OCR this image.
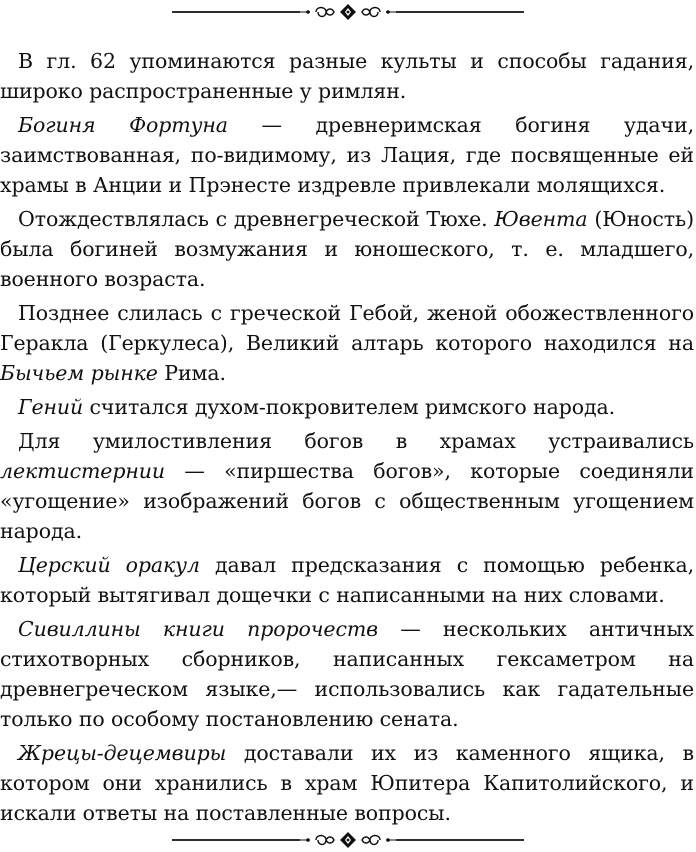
В гл. 62 упоминаются разные культы и способы гадания, широко распространенные у римлян.

Богиня Фортуна — древнеримская богиня удачи, заимствованная, по-видимому, из Лация, где посвященные ей храмы в Анции и Прэнесте издревле привлекали молящихся.

Отождествлялась с древнегреческой Тюхе. Ювента (Юность) была богиней возмужания и юношеского, т. е. младшего, военного возраста.

Позднее слилась с греческой Гебой, женой обожествленного Геракла (Геркулеса), Великий алтарь которого находился на Бычьем рынке Рима.

Гений считался духом-покровителем римского народа.

Для умилостивления богов в храмах устраивались лектистернии — «пиршества богов», которые соединяли «угощение» изображений богов с общественным угощением народа.

Церский оракул давал предсказания с помощью ребенка, который вытягивал дощечки с написанными на них словами.

Сивиллины книги пророчеств — нескольких античных стихотворных сборников, написанных гексаметром на древнегреческом языке,— использовались как гадательные только по особому постановлению сената.

Жрецы-децемвиры доставали их из каменного ящика, в котором они хранились в храм Юпитера Капитолийского, и искали ответы на поставленные вопросы.
